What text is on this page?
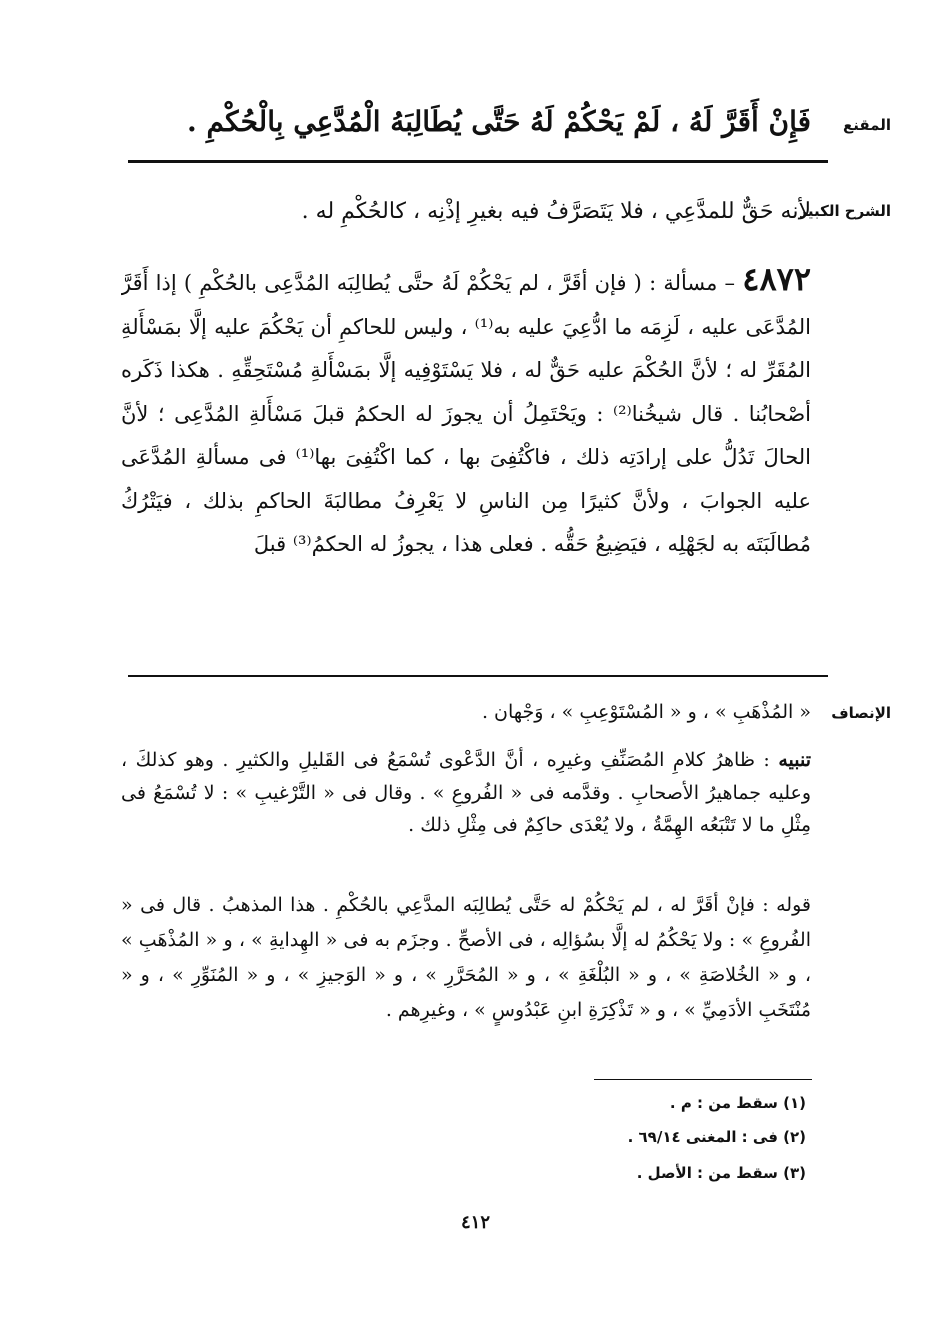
المقنع
فَإِنْ أَقَرَّ لَهُ ، لَمْ يَحْكُمْ لَهُ حَتَّى يُطَالِبَهُ الْمُدَّعِي بِالْحُكْمِ .
الشرح الكبير
لأنه حَقٌّ للمدَّعِي ، فلا يَتَصَرَّفُ فيه بغيرِ إذْنِه ، كالحُكْمِ له .
٤٨٧٢ – مسألة : ( فإن أقَرَّ ، لم يَحْكُمْ لَهُ حتَّى يُطالِبَه المُدَّعِى بالحُكْمِ ) إذا أَقَرَّ المُدَّعَى عليه ، لَزِمَه ما ادُّعِيَ عليه به⁽¹⁾ ، وليس للحاكمِ أن يَحْكُمَ عليه إلَّا بمَسْأَلةِ المُقَرِّ له ؛ لأنَّ الحُكْمَ عليه حَقٌّ له ، فلا يَسْتَوْفِيه إلَّا بمَسْأَلةِ مُسْتَحِقِّهِ . هكذا ذَكَره أصْحابُنا . قال شيخُنا⁽²⁾ : ويَحْتَمِلُ أن يجوزَ له الحكمُ قبلَ مَسْأَلةِ المُدَّعِى ؛ لأنَّ الحالَ تَدُلُّ على إرادَتِه ذلك ، فاكْتُفِىَ بها ، كما اكْتُفِىَ بها⁽¹⁾ فى مسألةِ المُدَّعَى عليه الجوابَ ، ولأنَّ كثيرًا مِن الناسِ لا يَعْرِفُ مطالبَةَ الحاكمِ بذلك ، فيَتْرُكُ مُطالَبَتَه به لجَهْلِه ، فيَضِيعُ حَقُّه . فعلى هذا ، يجوزُ له الحكمُ⁽³⁾ قبلَ
الإنصاف
« المُذْهَبِ » ، و « المُسْتَوْعِبِ » ، وَجْهان .
تنبيه : ظاهرُ كلامِ المُصَنِّفِ وغيرِه ، أنَّ الدَّعْوى تُسْمَعُ فى القَليلِ والكثيرِ . وهو كذلكَ ، وعليه جماهيرُ الأصحابِ . وقدَّمه فى « الفُروعِ » . وقال فى « التَّرْغيبِ » : لا تُسْمَعُ فى مِثْلِ ما لا تَتْبَعُه الهِمَّةُ ، ولا يُعْدَى حاكِمٌ فى مِثْلِ ذلك .
قوله : فإنْ أقَرَّ له ، لم يَحْكُمْ له حَتَّى يُطالِبَه المدَّعِي بالحُكْمِ . هذا المذهبُ . قال فى « الفُروعِ » : ولا يَحْكُمُ له إلَّا بسُؤالِه ، فى الأصحِّ . وجزَم به فى « الهِدايةِ » ، و « المُذْهَبِ » ، و « الخُلاصَةِ » ، و « البُلْغَةِ » ، و « المُحَرَّرِ » ، و « الوَجيزِ » ، و « المُنَوِّرِ » ، و « مُنْتَخَبِ الأدَمِيِّ » ، و « تَذْكِرَةِ ابنِ عَبْدُوسٍ » ، وغيرِهم .
(١) سقط من : م .
(٢) فى : المغنى ٦٩/١٤ .
(٣) سقط من : الأصل .
٤١٢
